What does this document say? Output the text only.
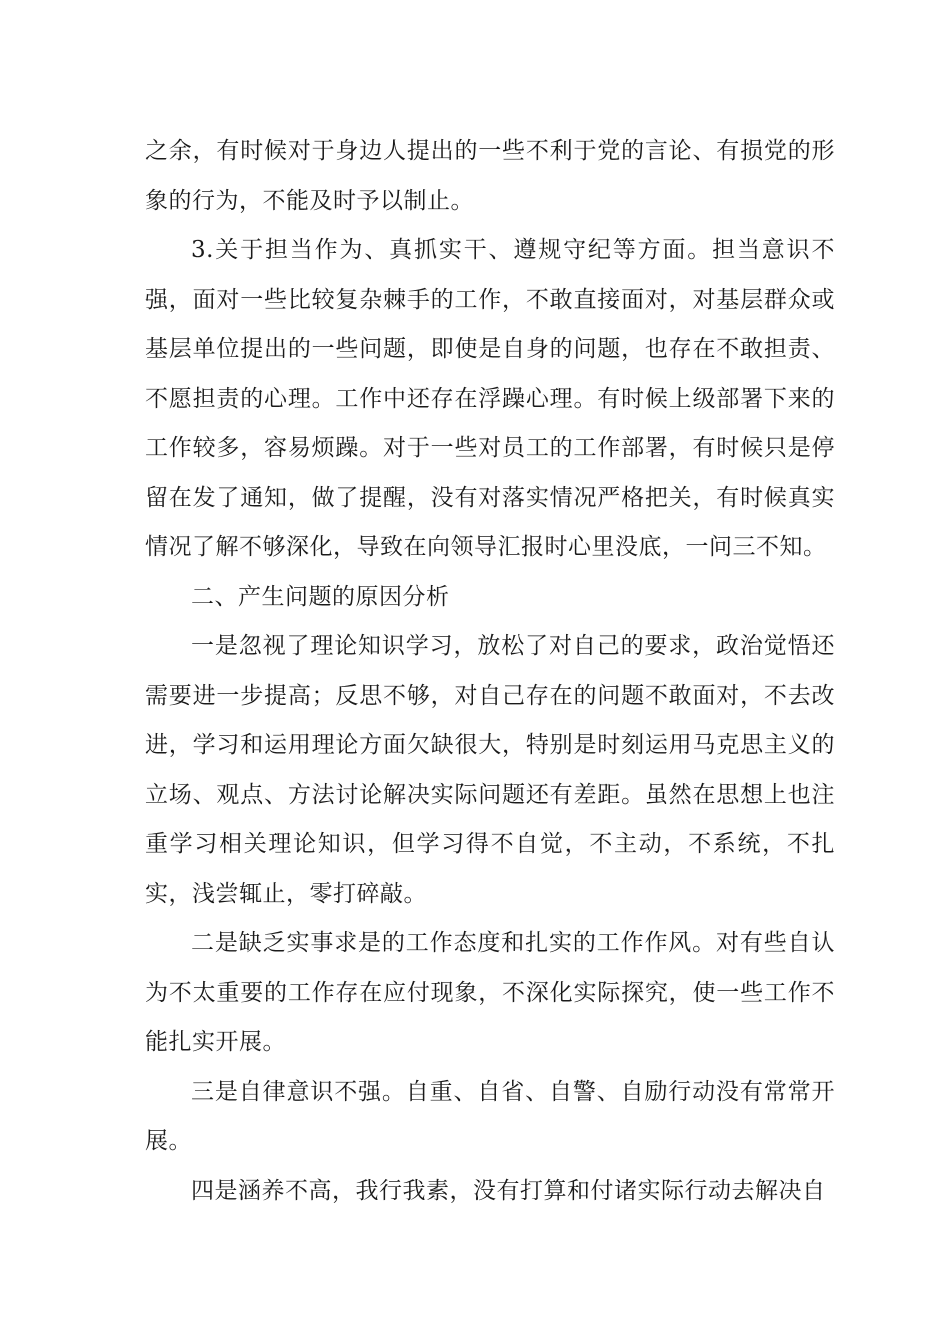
之余，有时候对于身边人提出的一些不利于党的言论、有损党的形象的行为，不能及时予以制止。

3.关于担当作为、真抓实干、遵规守纪等方面。担当意识不强，面对一些比较复杂棘手的工作，不敢直接面对，对基层群众或基层单位提出的一些问题，即使是自身的问题，也存在不敢担责、不愿担责的心理。工作中还存在浮躁心理。有时候上级部署下来的工作较多，容易烦躁。对于一些对员工的工作部署，有时候只是停留在发了通知，做了提醒，没有对落实情况严格把关，有时候真实情况了解不够深化，导致在向领导汇报时心里没底，一问三不知。

二、产生问题的原因分析

一是忽视了理论知识学习，放松了对自己的要求，政治觉悟还需要进一步提高；反思不够，对自己存在的问题不敢面对，不去改进，学习和运用理论方面欠缺很大，特别是时刻运用马克思主义的立场、观点、方法讨论解决实际问题还有差距。虽然在思想上也注重学习相关理论知识，但学习得不自觉，不主动，不系统，不扎实，浅尝辄止，零打碎敲。

二是缺乏实事求是的工作态度和扎实的工作作风。对有些自认为不太重要的工作存在应付现象，不深化实际探究，使一些工作不能扎实开展。

三是自律意识不强。自重、自省、自警、自励行动没有常常开展。

四是涵养不高，我行我素，没有打算和付诸实际行动去解决自
